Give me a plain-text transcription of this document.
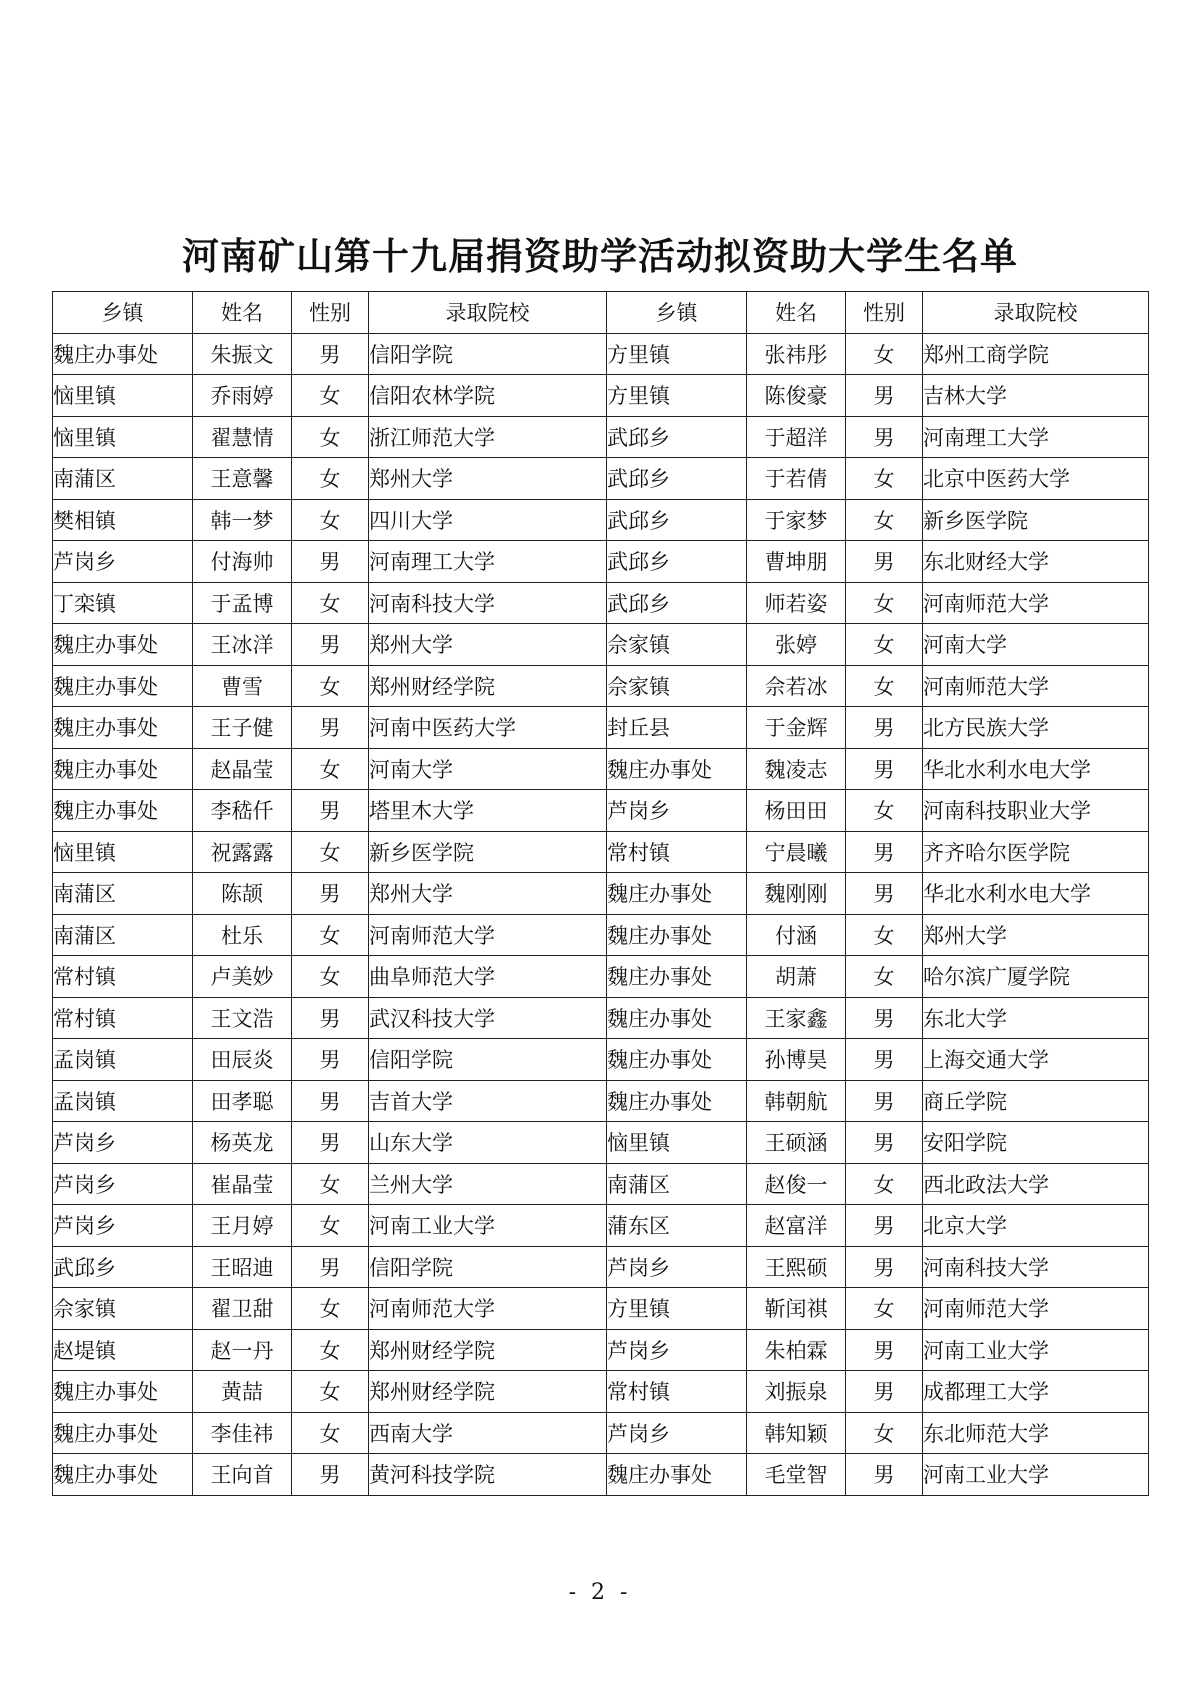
河南矿山第十九届捐资助学活动拟资助大学生名单
乡镇	姓名	性别	录取院校	乡镇	姓名	性别	录取院校
魏庄办事处	朱振文	男	信阳学院	方里镇	张祎彤	女	郑州工商学院
恼里镇	乔雨婷	女	信阳农林学院	方里镇	陈俊豪	男	吉林大学
恼里镇	翟慧情	女	浙江师范大学	武邱乡	于超洋	男	河南理工大学
南蒲区	王意馨	女	郑州大学	武邱乡	于若倩	女	北京中医药大学
樊相镇	韩一梦	女	四川大学	武邱乡	于家梦	女	新乡医学院
芦岗乡	付海帅	男	河南理工大学	武邱乡	曹坤朋	男	东北财经大学
丁栾镇	于孟博	女	河南科技大学	武邱乡	师若姿	女	河南师范大学
魏庄办事处	王冰洋	男	郑州大学	佘家镇	张婷	女	河南大学
魏庄办事处	曹雪	女	郑州财经学院	佘家镇	佘若冰	女	河南师范大学
魏庄办事处	王子健	男	河南中医药大学	封丘县	于金辉	男	北方民族大学
魏庄办事处	赵晶莹	女	河南大学	魏庄办事处	魏凌志	男	华北水利水电大学
魏庄办事处	李嵇仟	男	塔里木大学	芦岗乡	杨田田	女	河南科技职业大学
恼里镇	祝露露	女	新乡医学院	常村镇	宁晨曦	男	齐齐哈尔医学院
南蒲区	陈颉	男	郑州大学	魏庄办事处	魏刚刚	男	华北水利水电大学
南蒲区	杜乐	女	河南师范大学	魏庄办事处	付涵	女	郑州大学
常村镇	卢美妙	女	曲阜师范大学	魏庄办事处	胡萧	女	哈尔滨广厦学院
常村镇	王文浩	男	武汉科技大学	魏庄办事处	王家鑫	男	东北大学
孟岗镇	田辰炎	男	信阳学院	魏庄办事处	孙博昊	男	上海交通大学
孟岗镇	田孝聪	男	吉首大学	魏庄办事处	韩朝航	男	商丘学院
芦岗乡	杨英龙	男	山东大学	恼里镇	王硕涵	男	安阳学院
芦岗乡	崔晶莹	女	兰州大学	南蒲区	赵俊一	女	西北政法大学
芦岗乡	王月婷	女	河南工业大学	蒲东区	赵富洋	男	北京大学
武邱乡	王昭迪	男	信阳学院	芦岗乡	王熙硕	男	河南科技大学
佘家镇	翟卫甜	女	河南师范大学	方里镇	靳闰祺	女	河南师范大学
赵堤镇	赵一丹	女	郑州财经学院	芦岗乡	朱柏霖	男	河南工业大学
魏庄办事处	黄喆	女	郑州财经学院	常村镇	刘振泉	男	成都理工大学
魏庄办事处	李佳祎	女	西南大学	芦岗乡	韩知颖	女	东北师范大学
魏庄办事处	王向首	男	黄河科技学院	魏庄办事处	毛堂智	男	河南工业大学
- 2 -
